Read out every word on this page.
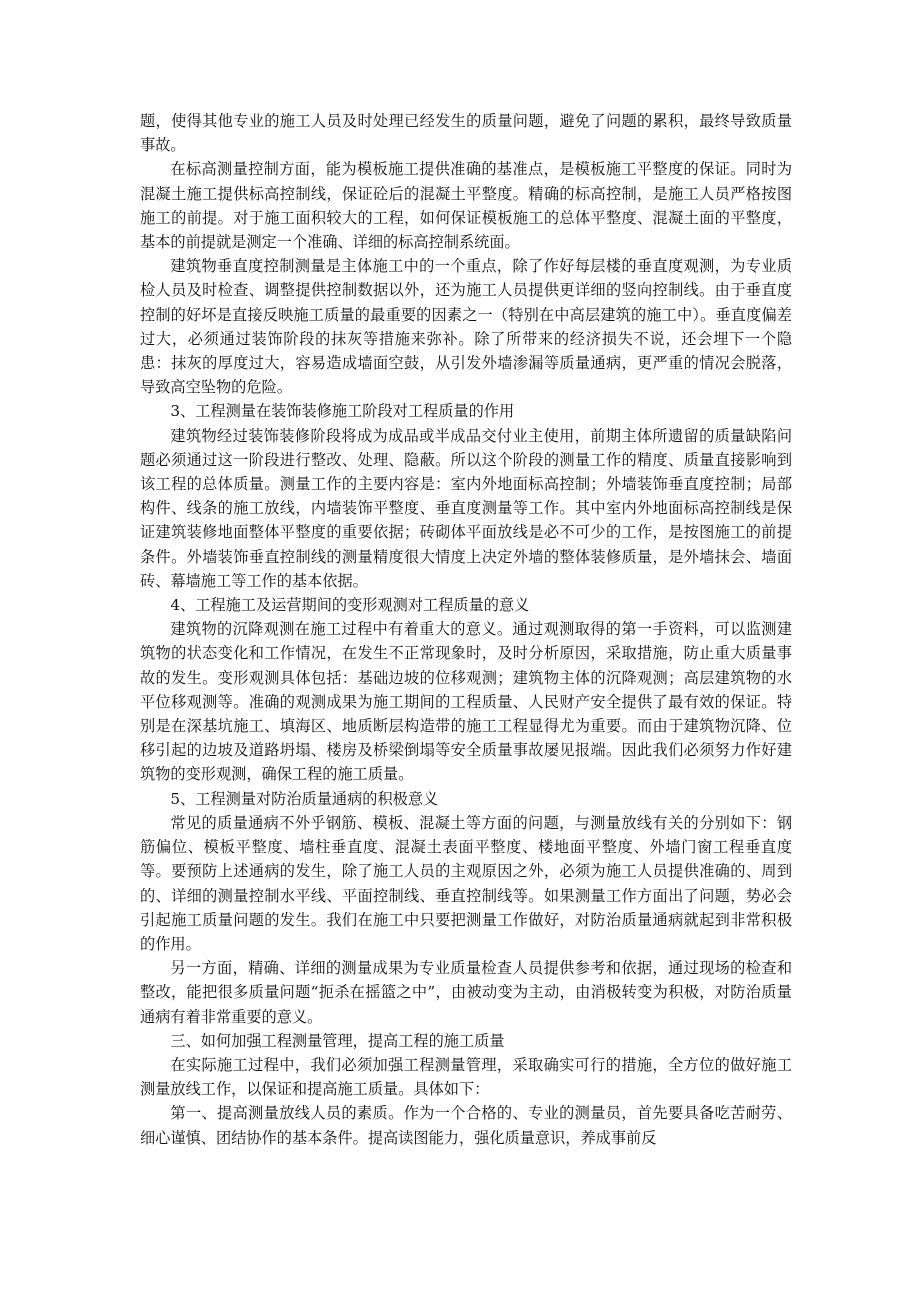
题，使得其他专业的施工人员及时处理已经发生的质量问题，避免了问题的累积，最终导致质量事故。

在标高测量控制方面，能为模板施工提供准确的基准点，是模板施工平整度的保证。同时为混凝土施工提供标高控制线，保证砼后的混凝土平整度。精确的标高控制，是施工人员严格按图施工的前提。对于施工面积较大的工程，如何保证模板施工的总体平整度、混凝土面的平整度，基本的前提就是测定一个准确、详细的标高控制系统面。

建筑物垂直度控制测量是主体施工中的一个重点，除了作好每层楼的垂直度观测，为专业质检人员及时检查、调整提供控制数据以外，还为施工人员提供更详细的竖向控制线。由于垂直度控制的好坏是直接反映施工质量的最重要的因素之一（特别在中高层建筑的施工中）。垂直度偏差过大，必须通过装饰阶段的抹灰等措施来弥补。除了所带来的经济损失不说，还会埋下一个隐患：抹灰的厚度过大，容易造成墙面空鼓，从引发外墙渗漏等质量通病，更严重的情况会脱落，导致高空坠物的危险。

3、工程测量在装饰装修施工阶段对工程质量的作用

建筑物经过装饰装修阶段将成为成品或半成品交付业主使用，前期主体所遗留的质量缺陷问题必须通过这一阶段进行整改、处理、隐蔽。所以这个阶段的测量工作的精度、质量直接影响到该工程的总体质量。测量工作的主要内容是：室内外地面标高控制；外墙装饰垂直度控制；局部构件、线条的施工放线，内墙装饰平整度、垂直度测量等工作。其中室内外地面标高控制线是保证建筑装修地面整体平整度的重要依据；砖砌体平面放线是必不可少的工作，是按图施工的前提条件。外墙装饰垂直控制线的测量精度很大情度上决定外墙的整体装修质量，是外墙抹会、墙面砖、幕墙施工等工作的基本依据。

4、工程施工及运营期间的变形观测对工程质量的意义

建筑物的沉降观测在施工过程中有着重大的意义。通过观测取得的第一手资料，可以监测建筑物的状态变化和工作情况，在发生不正常现象时，及时分析原因，采取措施，防止重大质量事故的发生。变形观测具体包括：基础边坡的位移观测；建筑物主体的沉降观测；高层建筑物的水平位移观测等。准确的观测成果为施工期间的工程质量、人民财产安全提供了最有效的保证。特别是在深基坑施工、填海区、地质断层构造带的施工工程显得尤为重要。而由于建筑物沉降、位移引起的边坡及道路坍塌、楼房及桥梁倒塌等安全质量事故屡见报端。因此我们必须努力作好建筑物的变形观测，确保工程的施工质量。

5、工程测量对防治质量通病的积极意义

常见的质量通病不外乎钢筋、模板、混凝土等方面的问题，与测量放线有关的分别如下：钢筋偏位、模板平整度、墙柱垂直度、混凝土表面平整度、楼地面平整度、外墙门窗工程垂直度等。要预防上述通病的发生，除了施工人员的主观原因之外，必须为施工人员提供准确的、周到的、详细的测量控制水平线、平面控制线、垂直控制线等。如果测量工作方面出了问题，势必会引起施工质量问题的发生。我们在施工中只要把测量工作做好，对防治质量通病就起到非常积极的作用。

另一方面，精确、详细的测量成果为专业质量检查人员提供参考和依据，通过现场的检查和整改，能把很多质量问题“扼杀在摇篮之中”，由被动变为主动，由消极转变为积极，对防治质量通病有着非常重要的意义。

三、如何加强工程测量管理，提高工程的施工质量

在实际施工过程中，我们必须加强工程测量管理，采取确实可行的措施，全方位的做好施工测量放线工作，以保证和提高施工质量。具体如下：

第一、提高测量放线人员的素质。作为一个合格的、专业的测量员，首先要具备吃苦耐劳、细心谨慎、团结协作的基本条件。提高读图能力，强化质量意识，养成事前反
